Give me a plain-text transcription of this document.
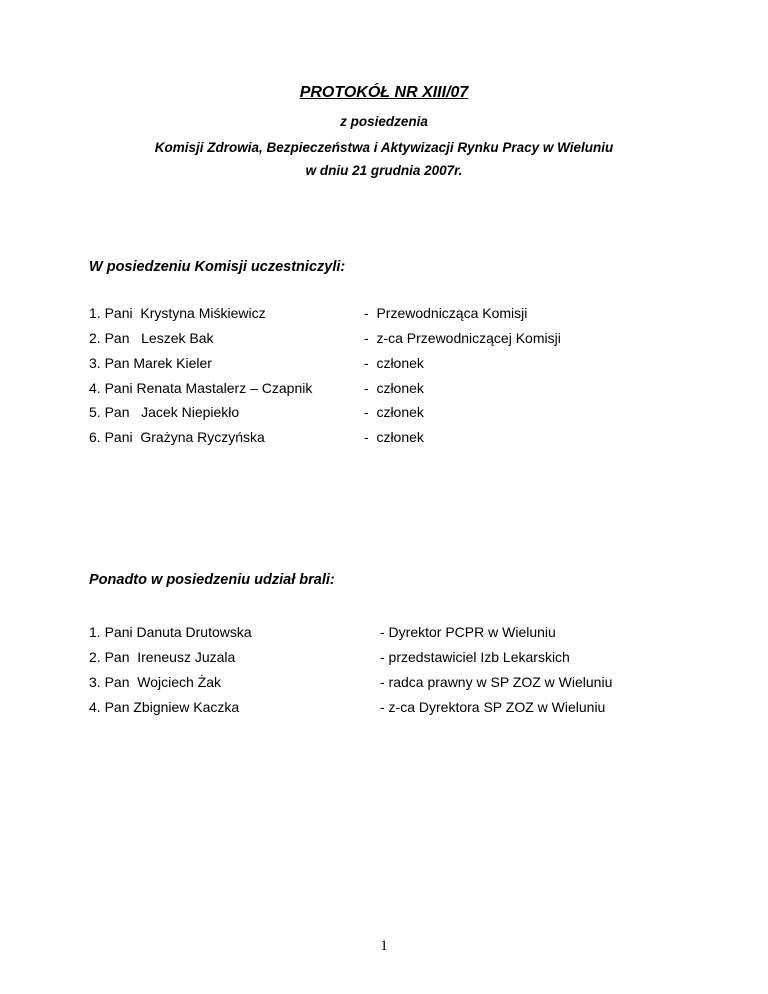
PROTOKÓŁ NR XIII/07
z posiedzenia
Komisji Zdrowia, Bezpieczeństwa i Aktywizacji Rynku Pracy w Wieluniu
w dniu 21 grudnia 2007r.
W posiedzeniu Komisji uczestniczyli:
1. Pani  Krystyna Miśkiewicz	-  Przewodnicząca Komisji
2. Pan   Leszek Bak	-  z-ca Przewodniczącej Komisji
3. Pan Marek Kieler	-  członek
4. Pani Renata Mastalerz – Czapnik	-  członek
5. Pan   Jacek Niepiekło	-  członek
6. Pani  Grażyna Ryczyńska	-  członek
Ponadto w posiedzeniu udział brali:
1. Pani Danuta Drutowska	- Dyrektor PCPR w Wieluniu
2. Pan  Ireneusz Juzala	- przedstawiciel Izb Lekarskich
3. Pan  Wojciech Żak	- radca prawny w SP ZOZ w Wieluniu
4. Pan Zbigniew Kaczka	- z-ca Dyrektora SP ZOZ w Wieluniu
1
